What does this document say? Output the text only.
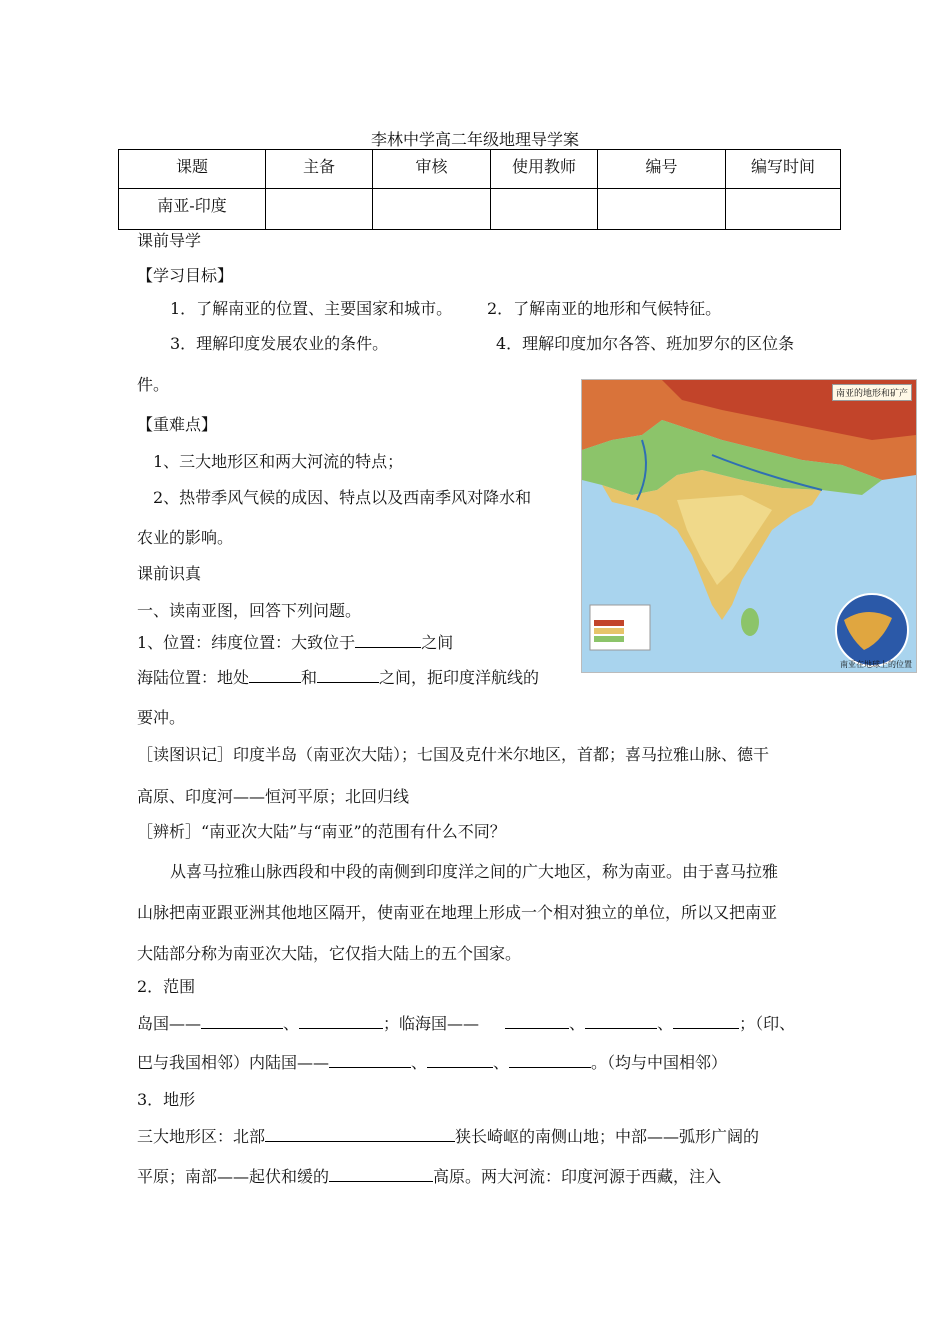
李林中学高二年级地理导学案
课题	主备	审核	使用教师	编号	编写时间
南亚-印度					
课前导学
【学习目标】
1．了解南亚的位置、主要国家和城市。 2．了解南亚的地形和气候特征。
3．理解印度发展农业的条件。	4．理解印度加尔各答、班加罗尔的区位条
件。
【重难点】
1、三大地形区和两大河流的特点；
2、热带季风气候的成因、特点以及西南季风对降水和
农业的影响。
课前识真
一、读南亚图，回答下列问题。
1、位置：纬度位置：大致位于	之间
海陆位置：地处	和	之间，扼印度洋航线的
要冲。
［读图识记］印度半岛（南亚次大陆）；七国及克什米尔地区，首都；喜马拉雅山脉、德干
高原、印度河——恒河平原；北回归线
［辨析］“南亚次大陆”与“南亚”的范围有什么不同？
从喜马拉雅山脉西段和中段的南侧到印度洋之间的广大地区，称为南亚。由于喜马拉雅
山脉把南亚跟亚洲其他地区隔开，使南亚在地理上形成一个相对独立的单位，所以又把南亚
大陆部分称为南亚次大陆，它仅指大陆上的五个国家。
2．范围
岛国——	、	；临海国——	、	、	；（印、
巴与我国相邻）内陆国——	、	、	。（均与中国相邻）
3．地形
三大地形区：北部	狭长崎岖的南侧山地；中部——弧形广阔的
平原；南部——起伏和缓的	高原。两大河流：印度河源于西藏，注入
南亚的地形和矿产
南亚在地球上的位置
